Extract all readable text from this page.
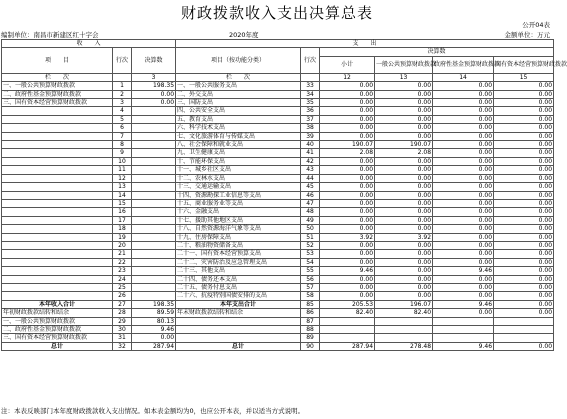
财政拨款收入支出决算总表
公开04表
编制单位：南昌市新建区红十字会	2020年度	金额单位：万元
收　　入			支　　出					
项　　目	行次	决算数	项目（按功能分类）	行次	决算数			
					小计	一般公共预算财政拨款	政府性基金预算财政拨款	国有资本经营预算财政拨款
栏　　次		3	栏　　次		12	13	14	15
一、一般公共预算财政拨款	1	198.35	一、一般公共服务支出	33	0.00	0.00	0.00	0.00
二、政府性基金预算财政拨款	2	0.00	二、外交支出	34	0.00	0.00	0.00	0.00
三、国有资本经营预算财政拨款	3	0.00	三、国防支出	35	0.00	0.00	0.00	0.00
	4		四、公共安全支出	36	0.00	0.00	0.00	0.00
	5		五、教育支出	37	0.00	0.00	0.00	0.00
	6		六、科学技术支出	38	0.00	0.00	0.00	0.00
	7		七、文化旅游体育与传媒支出	39	0.00	0.00	0.00	0.00
	8		八、社会保障和就业支出	40	190.07	190.07	0.00	0.00
	9		九、卫生健康支出	41	2.08	2.08	0.00	0.00
	10		十、节能环保支出	42	0.00	0.00	0.00	0.00
	11		十一、城乡社区支出	43	0.00	0.00	0.00	0.00
	12		十二、农林水支出	44	0.00	0.00	0.00	0.00
	13		十三、交通运输支出	45	0.00	0.00	0.00	0.00
	14		十四、资源勘探工业信息等支出	46	0.00	0.00	0.00	0.00
	15		十五、商业服务业等支出	47	0.00	0.00	0.00	0.00
	16		十六、金融支出	48	0.00	0.00	0.00	0.00
	17		十七、援助其他地区支出	49	0.00	0.00	0.00	0.00
	18		十八、自然资源海洋气象等支出	50	0.00	0.00	0.00	0.00
	19		十九、住房保障支出	51	3.92	3.92	0.00	0.00
	20		二十、粮油物资储备支出	52	0.00	0.00	0.00	0.00
	21		二十一、国有资本经营预算支出	53	0.00	0.00	0.00	0.00
	22		二十二、灾害防治及应急管理支出	54	0.00	0.00	0.00	0.00
	23		二十三、其他支出	55	9.46	0.00	9.46	0.00
	24		二十四、债务还本支出	56	0.00	0.00	0.00	0.00
	25		二十五、债务付息支出	57	0.00	0.00	0.00	0.00
	26		二十六、抗疫特别国债安排的支出	58	0.00	0.00	0.00	0.00
本年收入合计	27	198.35	本年支出合计	85	205.53	196.07	9.46	0.00
年初财政拨款结转和结余	28	89.59	年末财政拨款结转和结余	86	82.40	82.40	0.00	0.00
一、一般公共预算财政拨款	29	80.13		87				
二、政府性基金预算财政拨款	30	9.46		88				
三、国有资本经营预算财政拨款	31	0.00		89				
总计	32	287.94	总计	90	287.94	278.48	9.46	0.00
注：本表反映部门本年度财政拨款收入支出情况。如本表金额均为0，也应公开本表，并以适当方式说明。
